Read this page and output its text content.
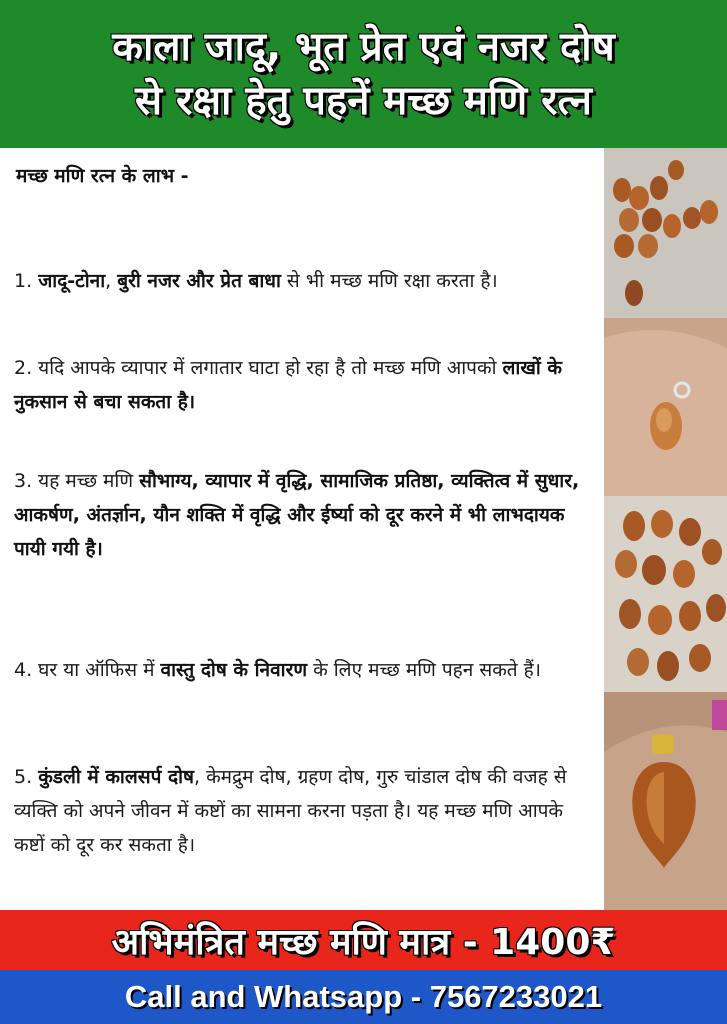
काला जादू, भूत प्रेत एवं नजर दोष
से रक्षा हेतु पहनें मच्छ मणि रत्न
मच्छ मणि रत्न के लाभ -
1. जादू-टोना, बुरी नजर और प्रेत बाधा से भी मच्छ मणि रक्षा करता है।
2. यदि आपके व्यापार में लगातार घाटा हो रहा है तो मच्छ मणि आपको लाखों के नुकसान से बचा सकता है।
3. यह मच्छ मणि सौभाग्य, व्यापार में वृद्धि, सामाजिक प्रतिष्ठा, व्यक्तित्व में सुधार, आकर्षण, अंतर्ज्ञान, यौन शक्ति में वृद्धि और ईर्ष्या को दूर करने में भी लाभदायक पायी गयी है।
4. घर या ऑफिस में वास्तु दोष के निवारण के लिए मच्छ मणि पहन सकते हैं।
5. कुंडली में कालसर्प दोष, केमद्रुम दोष, ग्रहण दोष, गुरु चांडाल दोष की वजह से व्यक्ति को अपने जीवन में कष्टों का सामना करना पड़ता है। यह मच्छ मणि आपके कष्टों को दूर कर सकता है।
अभिमंत्रित मच्छ मणि मात्र - 1400₹
Call and Whatsapp - 7567233021
